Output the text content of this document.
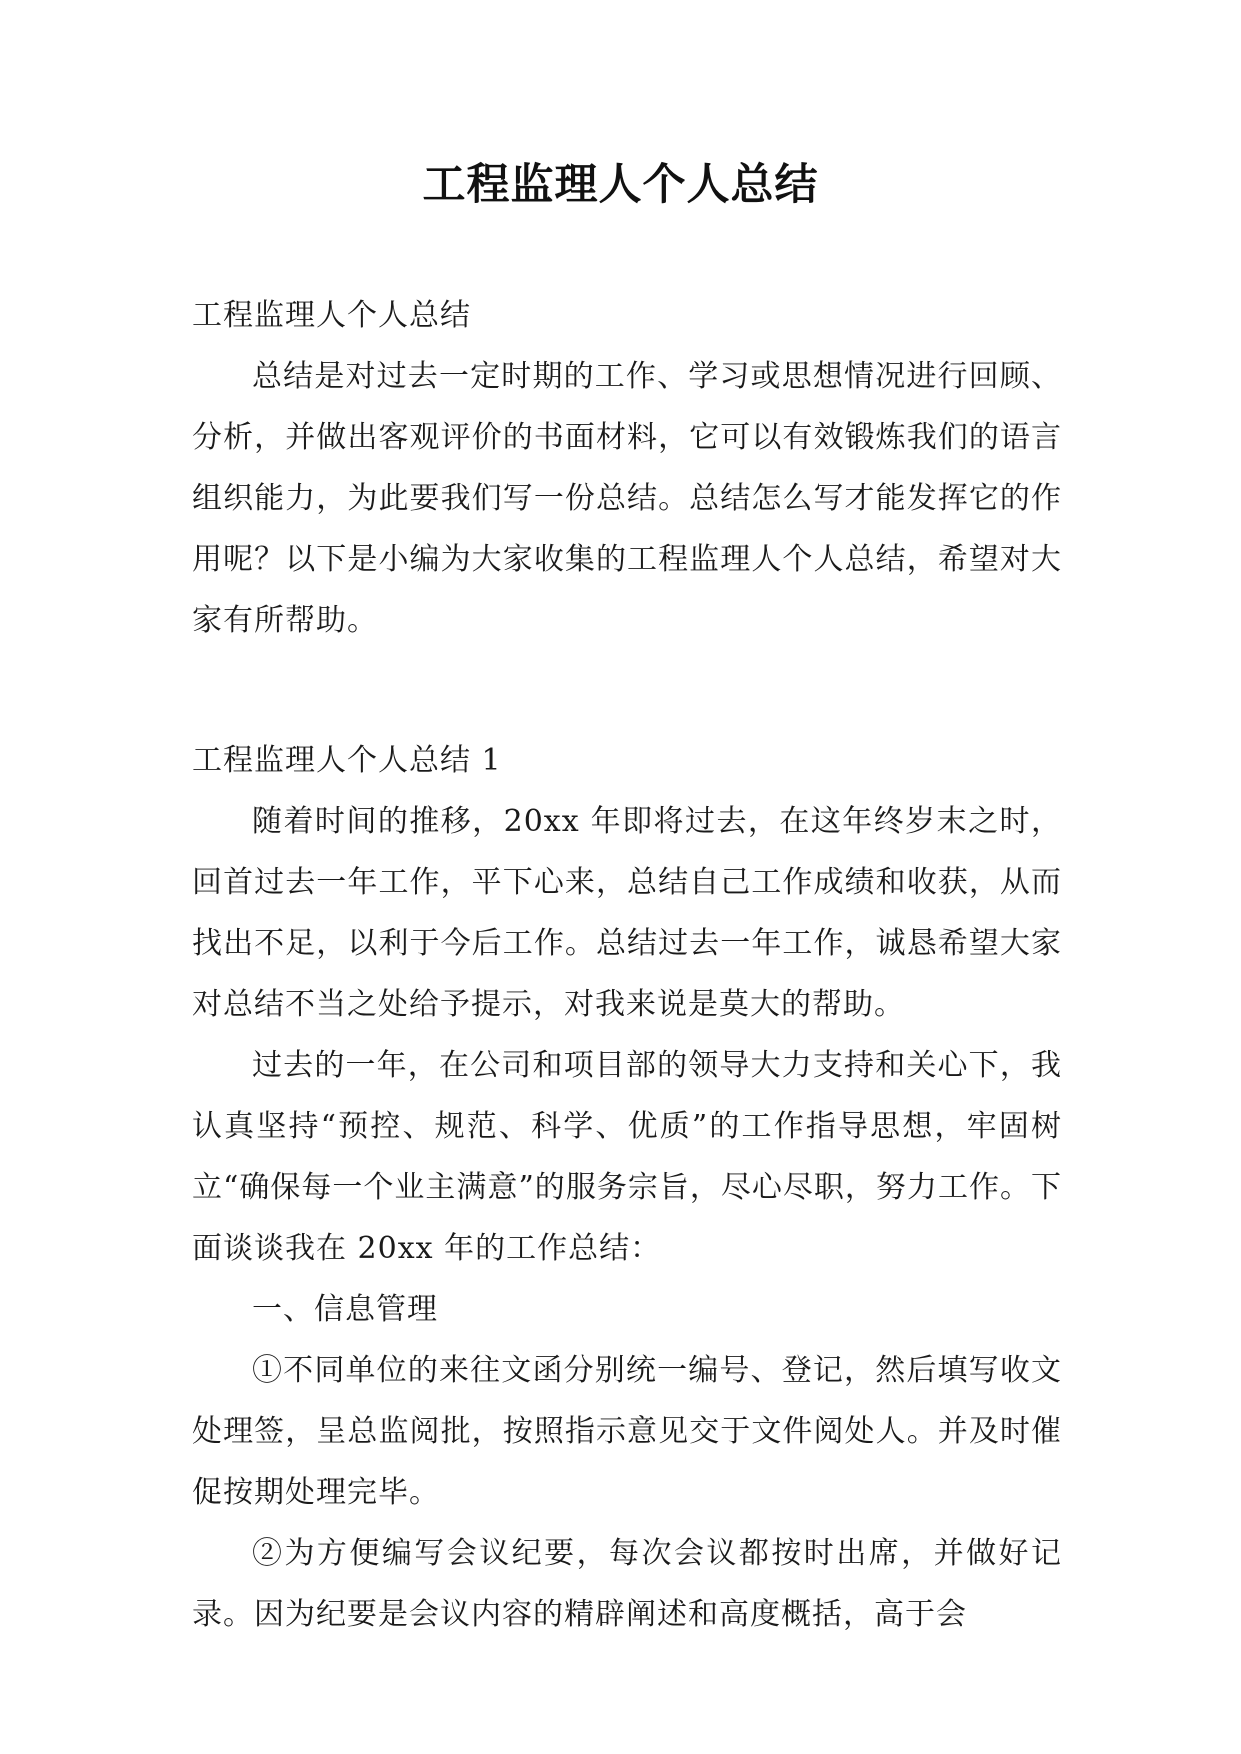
工程监理人个人总结

工程监理人个人总结

总结是对过去一定时期的工作、学习或思想情况进行回顾、分析，并做出客观评价的书面材料，它可以有效锻炼我们的语言组织能力，为此要我们写一份总结。总结怎么写才能发挥它的作用呢？以下是小编为大家收集的工程监理人个人总结，希望对大家有所帮助。

工程监理人个人总结 1

随着时间的推移，20xx 年即将过去，在这年终岁末之时，回首过去一年工作，平下心来，总结自己工作成绩和收获，从而找出不足，以利于今后工作。总结过去一年工作，诚恳希望大家对总结不当之处给予提示，对我来说是莫大的帮助。

过去的一年，在公司和项目部的领导大力支持和关心下，我认真坚持“预控、规范、科学、优质”的工作指导思想，牢固树立“确保每一个业主满意”的服务宗旨，尽心尽职，努力工作。下面谈谈我在 20xx 年的工作总结：

一、信息管理

①不同单位的来往文函分别统一编号、登记，然后填写收文处理签，呈总监阅批，按照指示意见交于文件阅处人。并及时催促按期处理完毕。

②为方便编写会议纪要，每次会议都按时出席，并做好记录。因为纪要是会议内容的精辟阐述和高度概括，高于会
